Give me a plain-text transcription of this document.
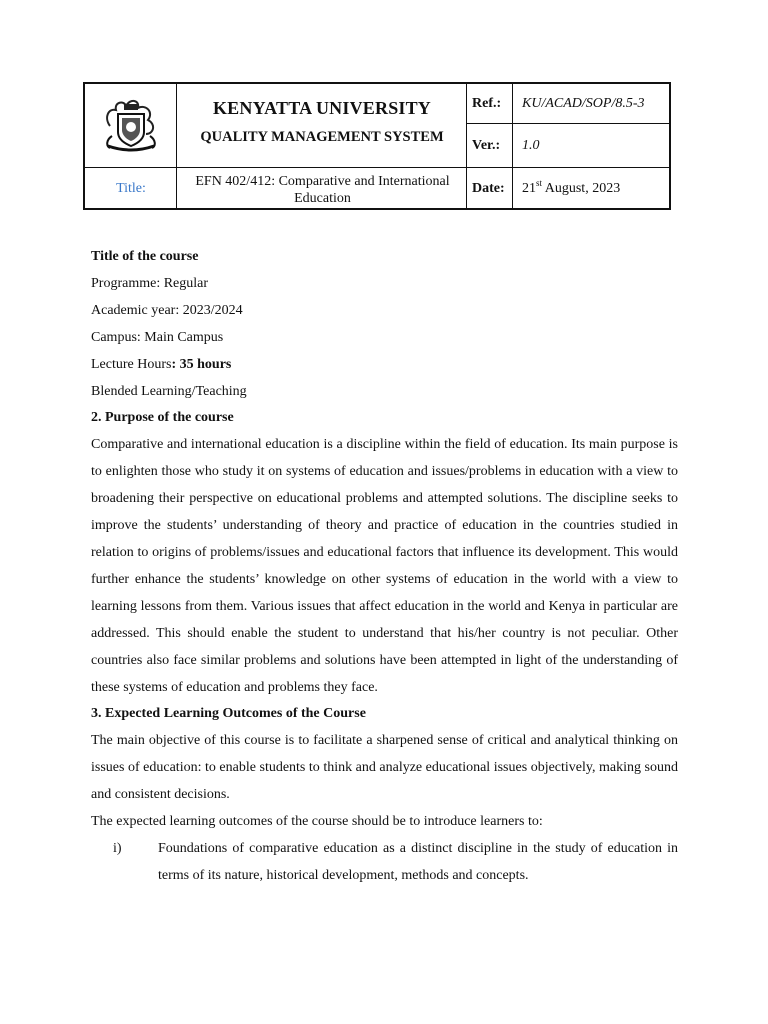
KENYATTA UNIVERSITY
QUALITY MANAGEMENT SYSTEM
Ref.: KU/ACAD/SOP/8.5-3
Ver.: 1.0
Title:	EFN 402/412: Comparative and International Education
Date: 21st August, 2023

Title of the course

Programme: Regular

Academic year: 2023/2024

Campus: Main Campus

Lecture Hours: 35 hours

Blended Learning/Teaching

2. Purpose of the course

Comparative and international education is a discipline within the field of education. Its main purpose is to enlighten those who study it on systems of education and issues/problems in education with a view to broadening their perspective on educational problems and attempted solutions. The discipline seeks to improve the students’ understanding of theory and practice of education in the countries studied in relation to origins of problems/issues and educational factors that influence its development. This would further enhance the students’ knowledge on other systems of education in the world with a view to learning lessons from them. Various issues that affect education in the world and Kenya in particular are addressed. This should enable the student to understand that his/her country is not peculiar. Other countries also face similar problems and solutions have been attempted in light of the understanding of these systems of education and problems they face.

3. Expected Learning Outcomes of the Course

The main objective of this course is to facilitate a sharpened sense of critical and analytical thinking on issues of education: to enable students to think and analyze educational issues objectively, making sound and consistent decisions.

The expected learning outcomes of the course should be to introduce learners to:

i)	Foundations of comparative education as a distinct discipline in the study of education in terms of its nature, historical development, methods and concepts.
